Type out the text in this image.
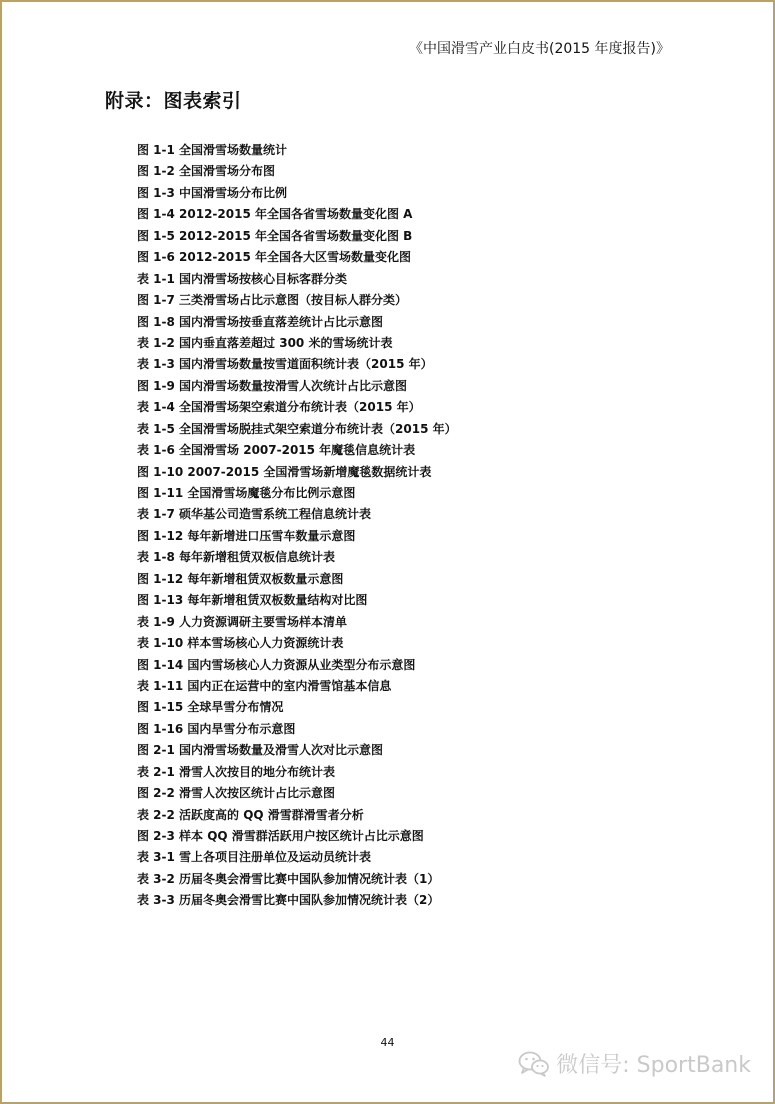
《中国滑雪产业白皮书(2015 年度报告)》
附录：图表索引
图 1-1 全国滑雪场数量统计
图 1-2 全国滑雪场分布图
图 1-3 中国滑雪场分布比例
图 1-4 2012-2015 年全国各省雪场数量变化图 A
图 1-5 2012-2015 年全国各省雪场数量变化图 B
图 1-6 2012-2015 年全国各大区雪场数量变化图
表 1-1 国内滑雪场按核心目标客群分类
图 1-7 三类滑雪场占比示意图（按目标人群分类）
图 1-8 国内滑雪场按垂直落差统计占比示意图
表 1-2 国内垂直落差超过 300 米的雪场统计表
表 1-3 国内滑雪场数量按雪道面积统计表（2015 年）
图 1-9 国内滑雪场数量按滑雪人次统计占比示意图
表 1-4 全国滑雪场架空索道分布统计表（2015 年）
表 1-5 全国滑雪场脱挂式架空索道分布统计表（2015 年）
表 1-6 全国滑雪场 2007-2015 年魔毯信息统计表
图 1-10 2007-2015 全国滑雪场新增魔毯数据统计表
图 1-11 全国滑雪场魔毯分布比例示意图
表 1-7 硕华基公司造雪系统工程信息统计表
图 1-12 每年新增进口压雪车数量示意图
表 1-8 每年新增租赁双板信息统计表
图 1-12 每年新增租赁双板数量示意图
图 1-13 每年新增租赁双板数量结构对比图
表 1-9 人力资源调研主要雪场样本清单
表 1-10 样本雪场核心人力资源统计表
图 1-14 国内雪场核心人力资源从业类型分布示意图
表 1-11 国内正在运营中的室内滑雪馆基本信息
图 1-15 全球旱雪分布情况
图 1-16 国内旱雪分布示意图
图 2-1 国内滑雪场数量及滑雪人次对比示意图
表 2-1 滑雪人次按目的地分布统计表
图 2-2 滑雪人次按区统计占比示意图
表 2-2 活跃度高的 QQ 滑雪群滑雪者分析
图 2-3 样本 QQ 滑雪群活跃用户按区统计占比示意图
表 3-1 雪上各项目注册单位及运动员统计表
表 3-2 历届冬奥会滑雪比赛中国队参加情况统计表（1）
表 3-3 历届冬奥会滑雪比赛中国队参加情况统计表（2）
44
微信号: SportBank
